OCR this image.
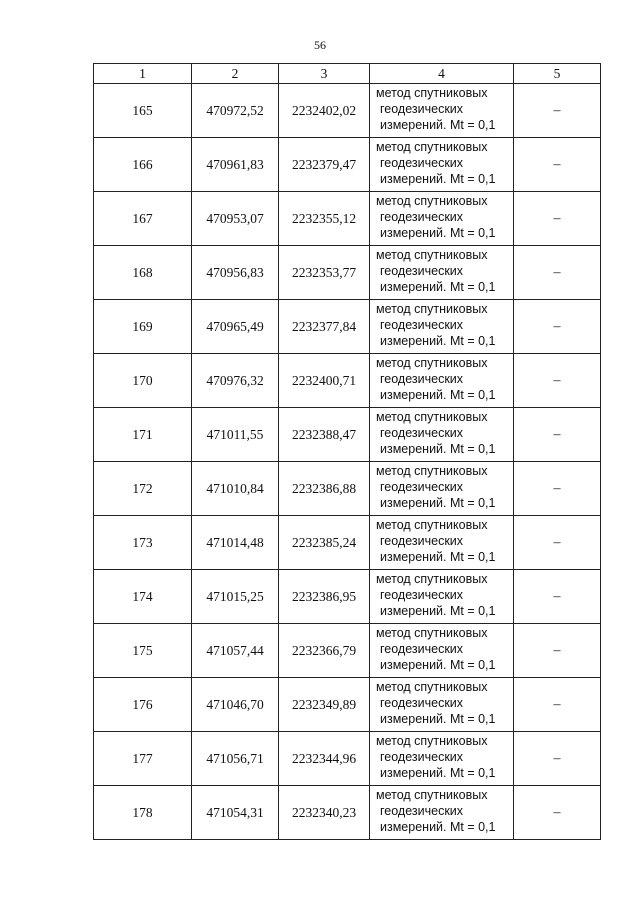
56
1	2	3	4	5
165	470972,52	2232402,02	метод спутниковых
геодезических
измерений. Mt = 0,1	–
166	470961,83	2232379,47	метод спутниковых
геодезических
измерений. Mt = 0,1	–
167	470953,07	2232355,12	метод спутниковых
геодезических
измерений. Mt = 0,1	–
168	470956,83	2232353,77	метод спутниковых
геодезических
измерений. Mt = 0,1	–
169	470965,49	2232377,84	метод спутниковых
геодезических
измерений. Mt = 0,1	–
170	470976,32	2232400,71	метод спутниковых
геодезических
измерений. Mt = 0,1	–
171	471011,55	2232388,47	метод спутниковых
геодезических
измерений. Mt = 0,1	–
172	471010,84	2232386,88	метод спутниковых
геодезических
измерений. Mt = 0,1	–
173	471014,48	2232385,24	метод спутниковых
геодезических
измерений. Mt = 0,1	–
174	471015,25	2232386,95	метод спутниковых
геодезических
измерений. Mt = 0,1	–
175	471057,44	2232366,79	метод спутниковых
геодезических
измерений. Mt = 0,1	–
176	471046,70	2232349,89	метод спутниковых
геодезических
измерений. Mt = 0,1	–
177	471056,71	2232344,96	метод спутниковых
геодезических
измерений. Mt = 0,1	–
178	471054,31	2232340,23	метод спутниковых
геодезических
измерений. Mt = 0,1	–
